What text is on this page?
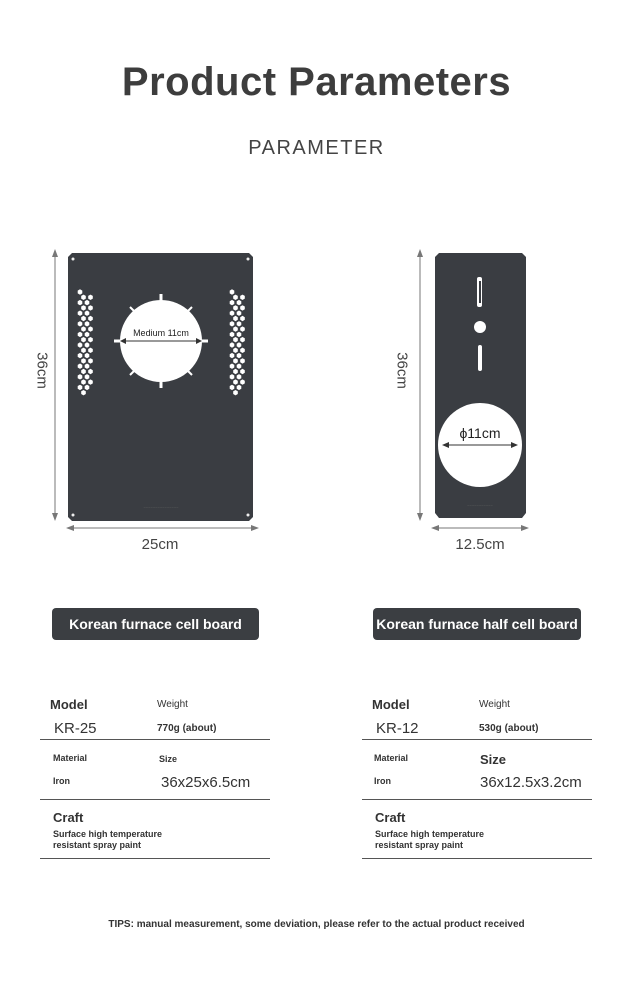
Product Parameters
PARAMETER
Medium 11cm
~~~~~~~~~~~~~~~
36cm
25cm
ϕ11cm
~~~~~~~~~~~
36cm
12.5cm
Korean furnace cell board	Korean furnace half cell board
Model	Weight
KR-25	770g (about)
Material	Size
Iron	36x25x6.5cm
Craft
Surface high temperature resistant spray paint
Model	Weight
KR-12	530g (about)
Material	Size
Iron	36x12.5x3.2cm
Craft
Surface high temperature resistant spray paint
TIPS: manual measurement, some deviation, please refer to the actual product received
